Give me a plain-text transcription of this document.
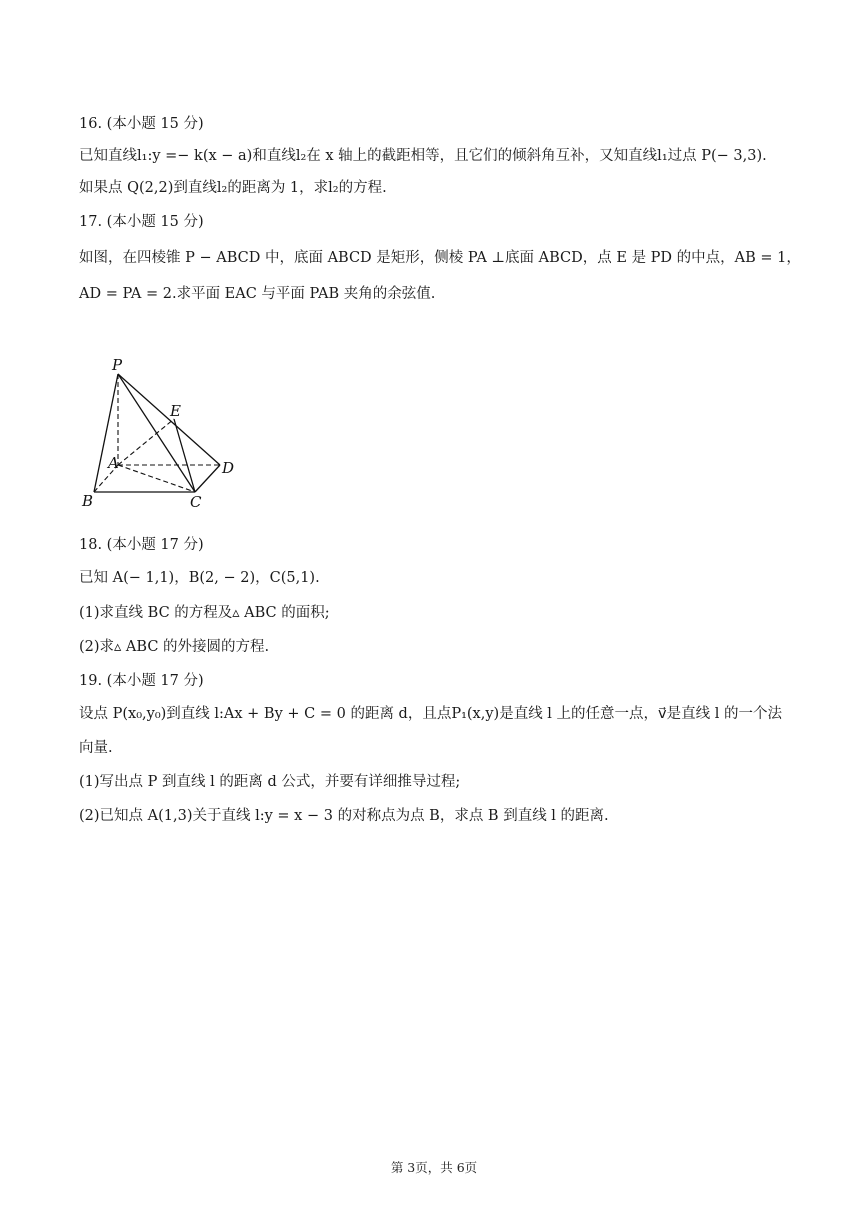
16. (本小题 15 分)
已知直线l₁:y =− k(x − a)和直线l₂在 x 轴上的截距相等，且它们的倾斜角互补，又知直线l₁过点 P(− 3,3).
如果点 Q(2,2)到直线l₂的距离为 1，求l₂的方程.
17. (本小题 15 分)
如图，在四棱锥 P − ABCD 中，底面 ABCD 是矩形，侧棱 PA ⊥底面 ABCD，点 E 是 PD 的中点，AB = 1，
AD = PA = 2.求平面 EAC 与平面 PAB 夹角的余弦值.
P
E
A	D
B	C
18. (本小题 17 分)
已知 A(− 1,1)，B(2, − 2)，C(5,1).
(1)求直线 BC 的方程及▵ ABC 的面积;
(2)求▵ ABC 的外接圆的方程.
19. (本小题 17 分)
设点 P(x₀,y₀)到直线 l:Ax + By + C = 0 的距离 d，且点P₁(x,y)是直线 l 上的任意一点，v⃗是直线 l 的一个法
向量.
(1)写出点 P 到直线 l 的距离 d 公式，并要有详细推导过程;
(2)已知点 A(1,3)关于直线 l:y = x − 3 的对称点为点 B，求点 B 到直线 l 的距离.
第 3页，共 6页
